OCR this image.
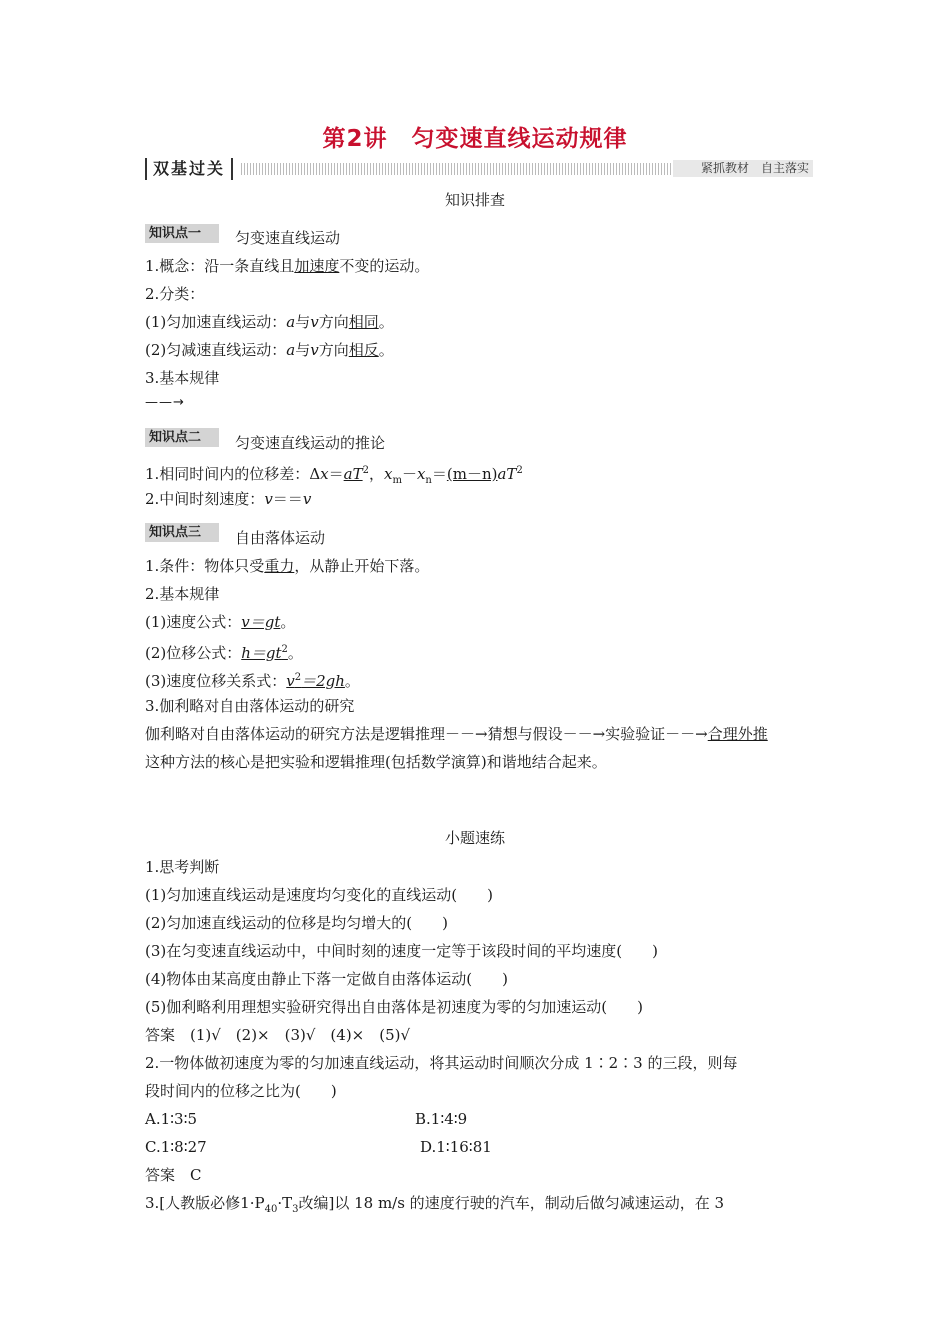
第2讲　匀变速直线运动规律
双基过关	紧抓教材　自主落实
知识排查
知识点一	匀变速直线运动
1.概念：沿一条直线且加速度不变的运动。
2.分类：
(1)匀加速直线运动：a与v方向相同。
(2)匀减速直线运动：a与v方向相反。
3.基本规律
——→
知识点二	匀变速直线运动的推论
1.相同时间内的位移差：$\Delta x=aT^2$，$x_m-x_n=(m-n)aT^2$
2.中间时刻速度：v＝＝v
知识点三	自由落体运动
1.条件：物体只受重力，从静止开始下落。
2.基本规律
(1)速度公式：v＝gt。
(2)位移公式：$h=gt^2$。
(3)速度位移关系式：$v^2=2gh$。
3.伽利略对自由落体运动的研究
伽利略对自由落体运动的研究方法是逻辑推理－－→猜想与假设－－→实验验证－－→合理外推
这种方法的核心是把实验和逻辑推理(包括数学演算)和谐地结合起来。
小题速练
1.思考判断
(1)匀加速直线运动是速度均匀变化的直线运动(　　)
(2)匀加速直线运动的位移是均匀增大的(　　)
(3)在匀变速直线运动中，中间时刻的速度一定等于该段时间的平均速度(　　)
(4)物体由某高度由静止下落一定做自由落体运动(　　)
(5)伽利略利用理想实验研究得出自由落体是初速度为零的匀加速运动(　　)
答案　(1)√　(2)×　(3)√　(4)×　(5)√
2.一物体做初速度为零的匀加速直线运动，将其运动时间顺次分成 1∶2∶3 的三段，则每
段时间内的位移之比为(　　)
A.1∶3∶5	B.1∶4∶9
C.1∶8∶27	D.1∶16∶81
答案　C
3.[人教版必修$1\cdot P_{40}\cdot T_3$改编]以 18 m/s 的速度行驶的汽车，制动后做匀减速运动，在 3
